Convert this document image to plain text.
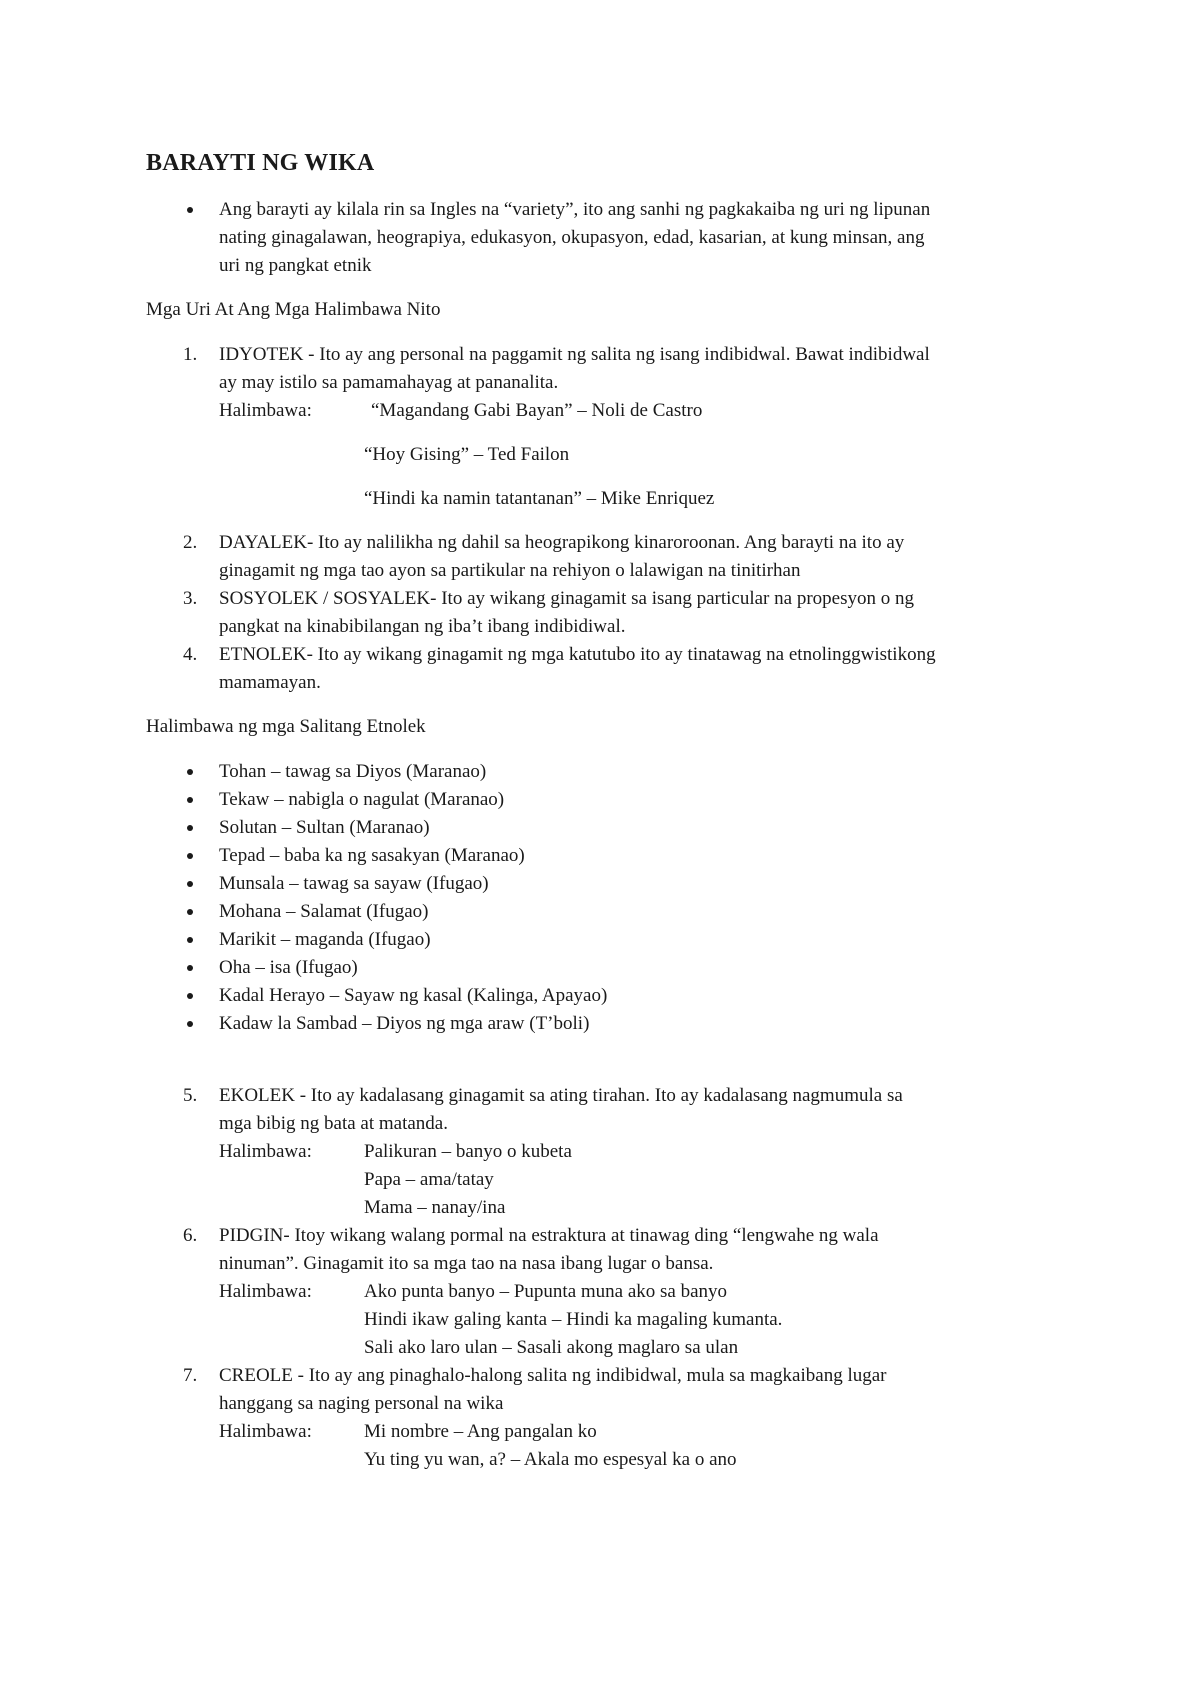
BARAYTI NG WIKA
Ang barayti ay kilala rin sa Ingles na “variety”, ito ang sanhi ng pagkakaiba ng uri ng lipunan
nating ginagalawan, heograpiya, edukasyon, okupasyon, edad, kasarian, at kung minsan, ang
uri ng pangkat etnik
Mga Uri At Ang Mga Halimbawa Nito
1. IDYOTEK - Ito ay ang personal na paggamit ng salita ng isang indibidwal. Bawat indibidwal
ay may istilo sa pamamahayag at pananalita.
Halimbawa:	“Magandang Gabi Bayan” – Noli de Castro
“Hoy Gising” – Ted Failon
“Hindi ka namin tatantanan” – Mike Enriquez
2. DAYALEK- Ito ay nalilikha ng dahil sa heograpikong kinaroroonan. Ang barayti na ito ay
ginagamit ng mga tao ayon sa partikular na rehiyon o lalawigan na tinitirhan
3. SOSYOLEK / SOSYALEK- Ito ay wikang ginagamit sa isang particular na propesyon o ng
pangkat na kinabibilangan ng iba’t ibang indibidiwal.
4. ETNOLEK- Ito ay wikang ginagamit ng mga katutubo ito ay tinatawag na etnolinggwistikong
mamamayan.
Halimbawa ng mga Salitang Etnolek
Tohan – tawag sa Diyos (Maranao)
Tekaw – nabigla o nagulat (Maranao)
Solutan – Sultan (Maranao)
Tepad – baba ka ng sasakyan (Maranao)
Munsala – tawag sa sayaw (Ifugao)
Mohana – Salamat (Ifugao)
Marikit – maganda (Ifugao)
Oha – isa (Ifugao)
Kadal Herayo – Sayaw ng kasal (Kalinga, Apayao)
Kadaw la Sambad – Diyos ng mga araw (T’boli)
5. EKOLEK - Ito ay kadalasang ginagamit sa ating tirahan. Ito ay kadalasang nagmumula sa
mga bibig ng bata at matanda.
Halimbawa:	Palikuran – banyo o kubeta
Papa – ama/tatay
Mama – nanay/ina
6. PIDGIN- Itoy wikang walang pormal na estraktura at tinawag ding “lengwahe ng wala
ninuman”. Ginagamit ito sa mga tao na nasa ibang lugar o bansa.
Halimbawa:	Ako punta banyo – Pupunta muna ako sa banyo
Hindi ikaw galing kanta – Hindi ka magaling kumanta.
Sali ako laro ulan – Sasali akong maglaro sa ulan
7. CREOLE - Ito ay ang pinaghalo-halong salita ng indibidwal, mula sa magkaibang lugar
hanggang sa naging personal na wika
Halimbawa:	Mi nombre – Ang pangalan ko
Yu ting yu wan, a? – Akala mo espesyal ka o ano
